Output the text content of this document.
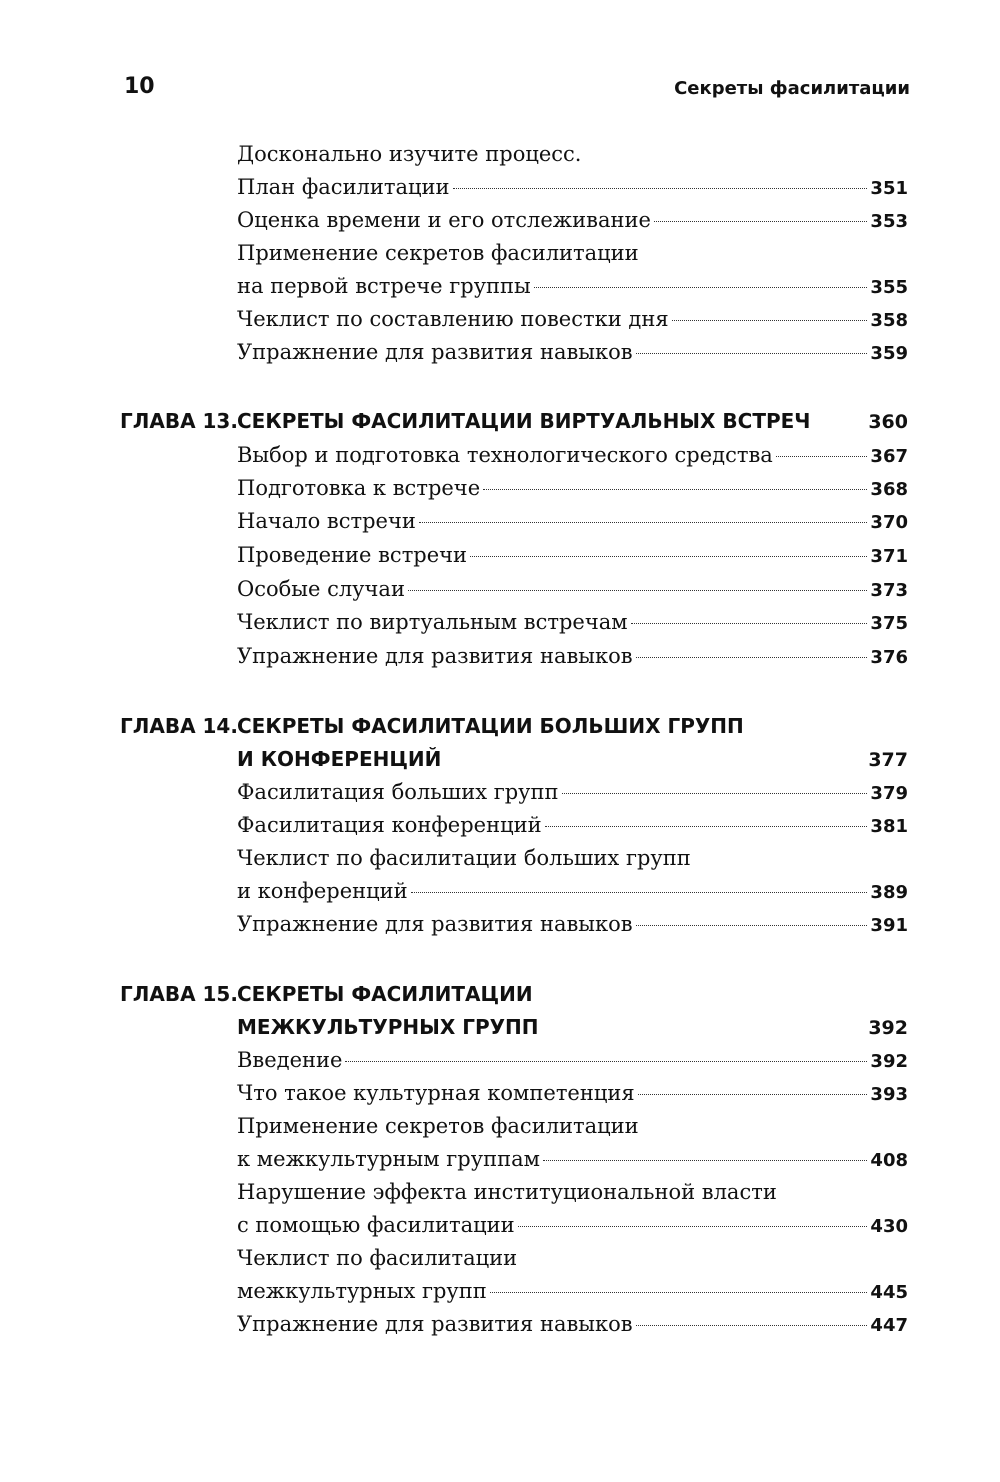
10	Секреты фасилитации
Досконально изучите процесс.
План фасилитации	351
Оценка времени и его отслеживание	353
Применение секретов фасилитации
на первой встрече группы	355
Чеклист по составлению повестки дня	358
Упражнение для развития навыков	359
ГЛАВА 13. СЕКРЕТЫ ФАСИЛИТАЦИИ ВИРТУАЛЬНЫХ ВСТРЕЧ	360
Выбор и подготовка технологического средства	367
Подготовка к встрече	368
Начало встречи	370
Проведение встречи	371
Особые случаи	373
Чеклист по виртуальным встречам	375
Упражнение для развития навыков	376
ГЛАВА 14.СЕКРЕТЫ ФАСИЛИТАЦИИ БОЛЬШИХ ГРУПП
И КОНФЕРЕНЦИЙ	377
Фасилитация больших групп	379
Фасилитация конференций	381
Чеклист по фасилитации больших групп
и конференций	389
Упражнение для развития навыков	391
ГЛАВА 15.СЕКРЕТЫ ФАСИЛИТАЦИИ
МЕЖКУЛЬТУРНЫХ ГРУПП	392
Введение	392
Что такое культурная компетенция	393
Применение секретов фасилитации
к межкультурным группам	408
Нарушение эффекта институциональной власти
с помощью фасилитации	430
Чеклист по фасилитации
межкультурных групп	445
Упражнение для развития навыков	447
